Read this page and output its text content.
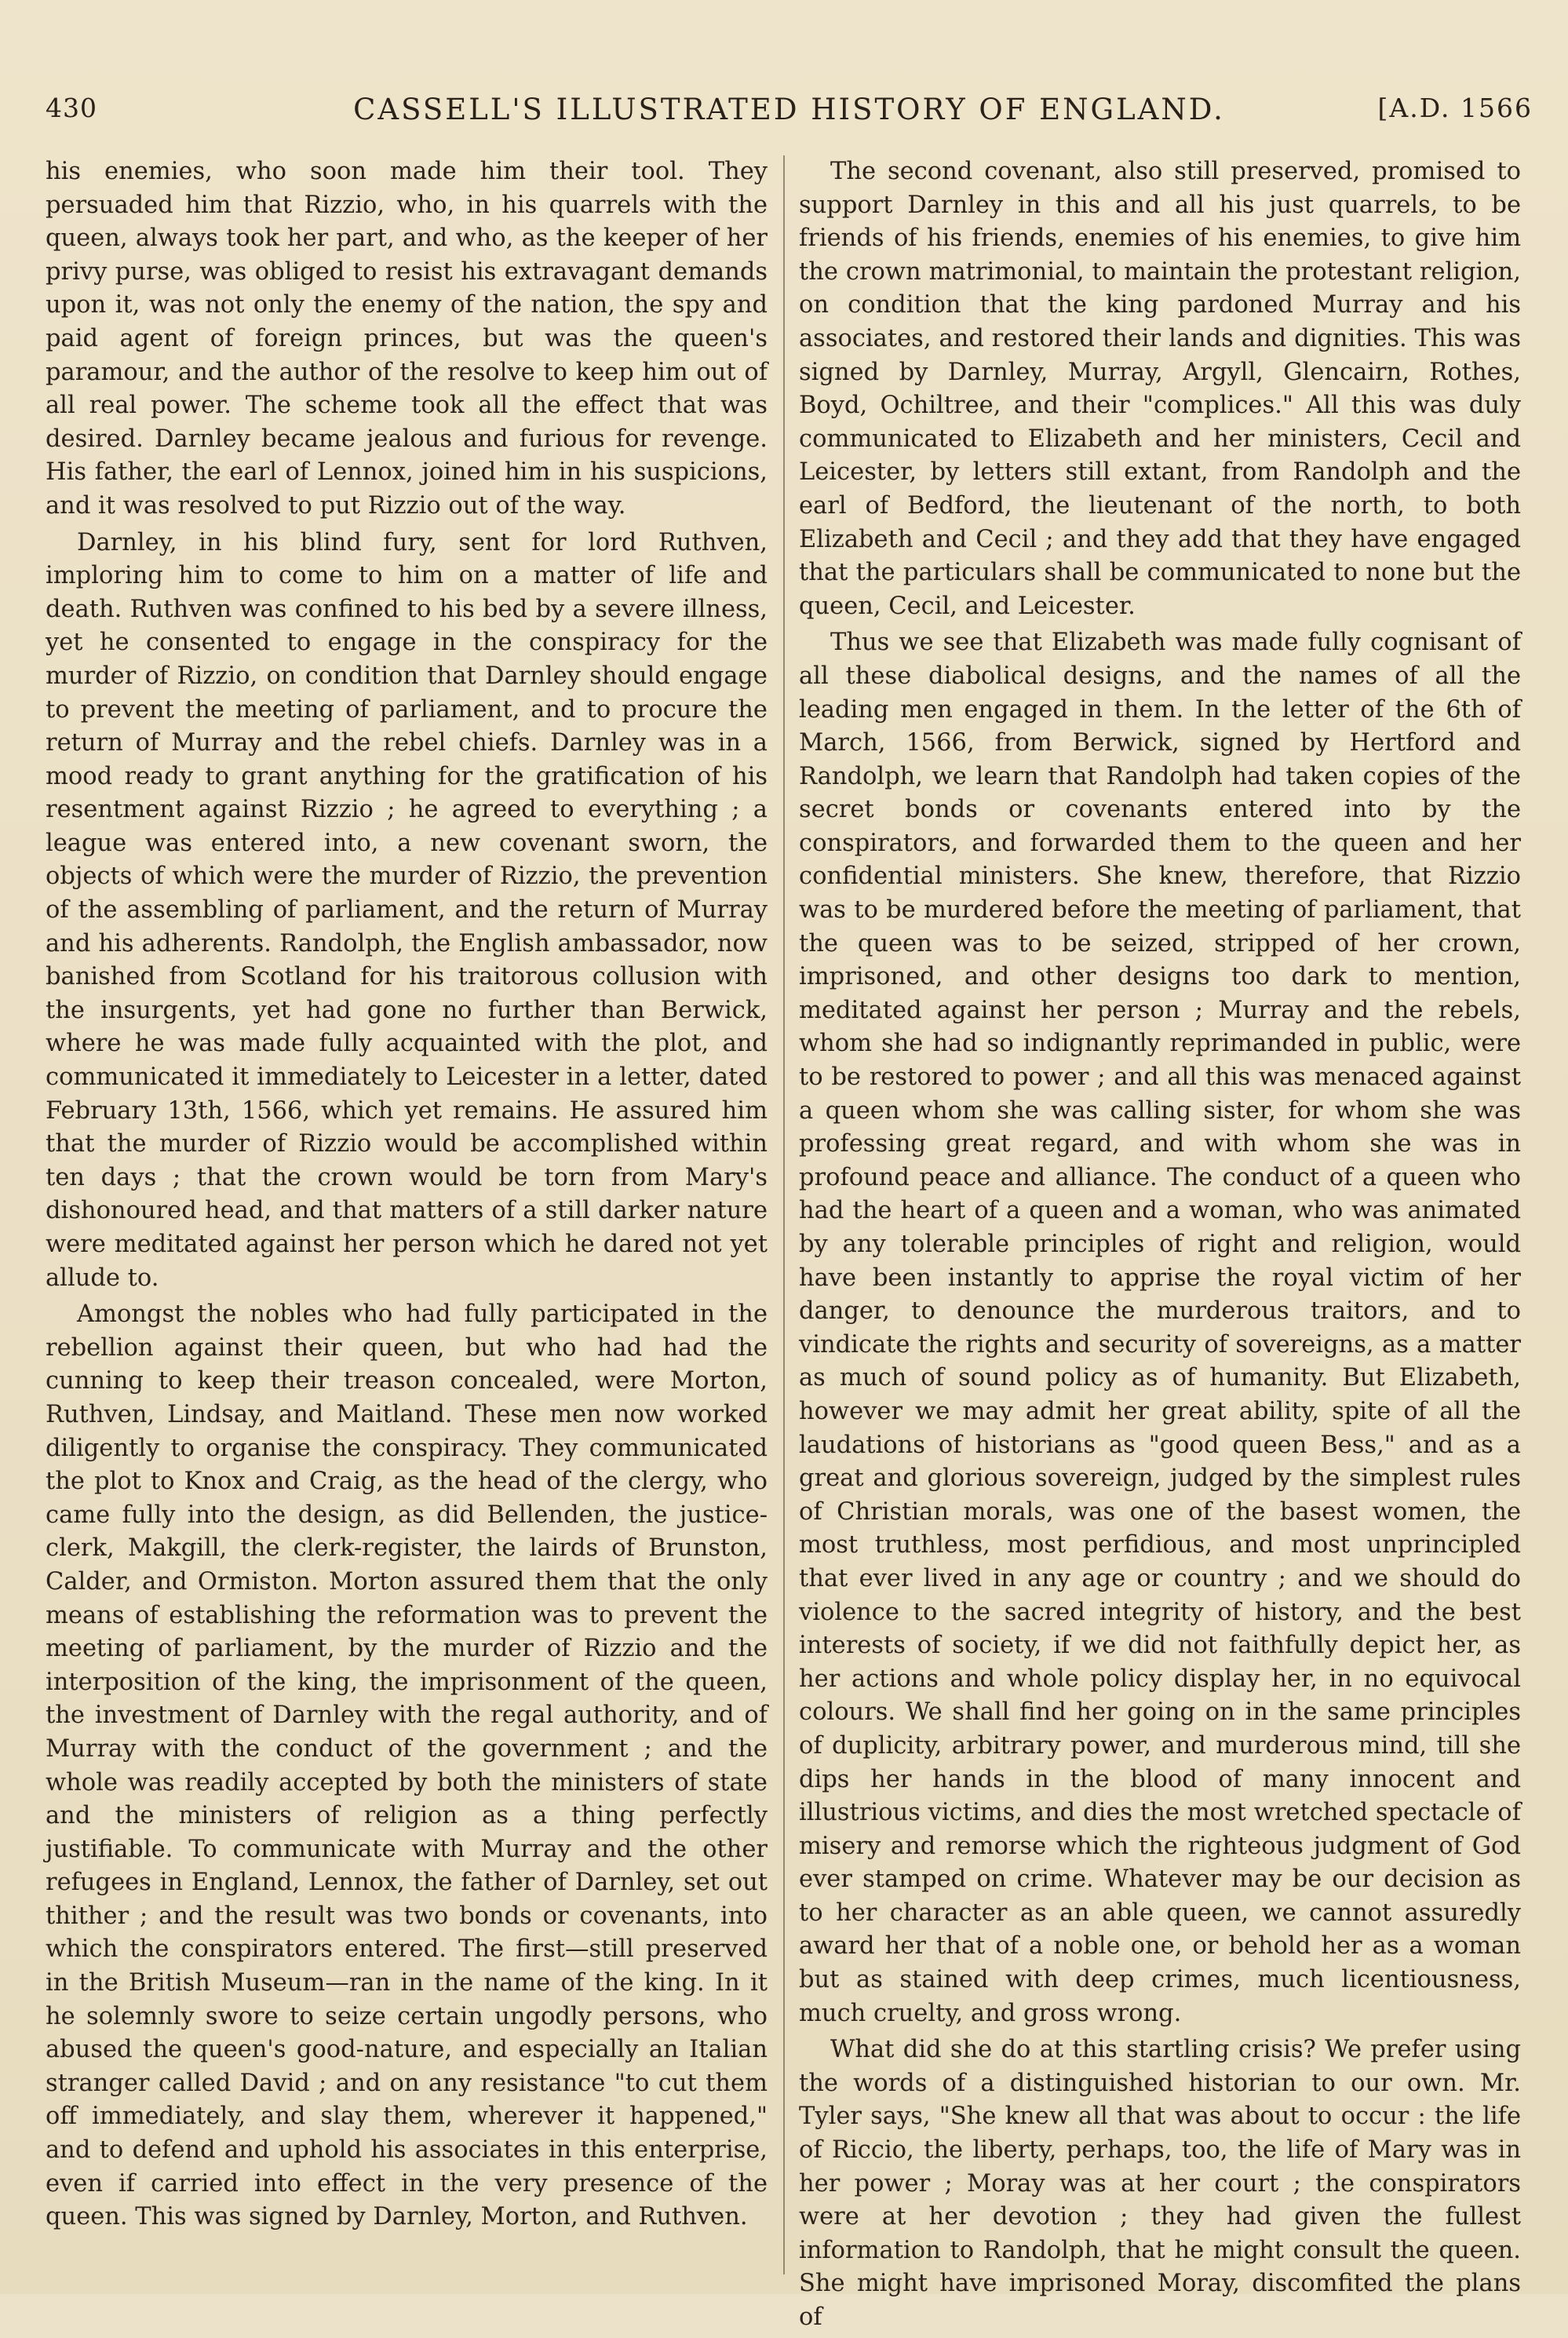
430	CASSELL'S ILLUSTRATED HISTORY OF ENGLAND.	[A.D. 1566

his enemies, who soon made him their tool. They persuaded him that Rizzio, who, in his quarrels with the queen, always took her part, and who, as the keeper of her privy purse, was obliged to resist his extravagant demands upon it, was not only the enemy of the nation, the spy and paid agent of foreign princes, but was the queen's paramour, and the author of the resolve to keep him out of all real power. The scheme took all the effect that was desired. Darnley became jealous and furious for revenge. His father, the earl of Lennox, joined him in his suspicions, and it was resolved to put Rizzio out of the way.

Darnley, in his blind fury, sent for lord Ruthven, imploring him to come to him on a matter of life and death. Ruthven was confined to his bed by a severe illness, yet he consented to engage in the conspiracy for the murder of Rizzio, on condition that Darnley should engage to prevent the meeting of parliament, and to procure the return of Murray and the rebel chiefs. Darnley was in a mood ready to grant anything for the gratification of his resentment against Rizzio ; he agreed to everything ; a league was entered into, a new covenant sworn, the objects of which were the murder of Rizzio, the prevention of the assembling of parliament, and the return of Murray and his adherents. Randolph, the English ambassador, now banished from Scotland for his traitorous collusion with the insurgents, yet had gone no further than Berwick, where he was made fully acquainted with the plot, and communicated it immediately to Leicester in a letter, dated February 13th, 1566, which yet remains. He assured him that the murder of Rizzio would be accomplished within ten days ; that the crown would be torn from Mary's dishonoured head, and that matters of a still darker nature were meditated against her person which he dared not yet allude to.

Amongst the nobles who had fully participated in the rebellion against their queen, but who had had the cunning to keep their treason concealed, were Morton, Ruthven, Lindsay, and Maitland. These men now worked diligently to organise the conspiracy. They communicated the plot to Knox and Craig, as the head of the clergy, who came fully into the design, as did Bellenden, the justice-clerk, Makgill, the clerk-register, the lairds of Brunston, Calder, and Ormiston. Morton assured them that the only means of establishing the reformation was to prevent the meeting of parliament, by the murder of Rizzio and the interposition of the king, the imprisonment of the queen, the investment of Darnley with the regal authority, and of Murray with the conduct of the government ; and the whole was readily accepted by both the ministers of state and the ministers of religion as a thing perfectly justifiable. To communicate with Murray and the other refugees in England, Lennox, the father of Darnley, set out thither ; and the result was two bonds or covenants, into which the conspirators entered. The first—still preserved in the British Museum—ran in the name of the king. In it he solemnly swore to seize certain ungodly persons, who abused the queen's good-nature, and especially an Italian stranger called David ; and on any resistance "to cut them off immediately, and slay them, wherever it happened," and to defend and uphold his associates in this enterprise, even if carried into effect in the very presence of the queen. This was signed by Darnley, Morton, and Ruthven.

The second covenant, also still preserved, promised to support Darnley in this and all his just quarrels, to be friends of his friends, enemies of his enemies, to give him the crown matrimonial, to maintain the protestant religion, on condition that the king pardoned Murray and his associates, and restored their lands and dignities. This was signed by Darnley, Murray, Argyll, Glencairn, Rothes, Boyd, Ochiltree, and their "complices." All this was duly communicated to Elizabeth and her ministers, Cecil and Leicester, by letters still extant, from Randolph and the earl of Bedford, the lieutenant of the north, to both Elizabeth and Cecil ; and they add that they have engaged that the particulars shall be communicated to none but the queen, Cecil, and Leicester.

Thus we see that Elizabeth was made fully cognisant of all these diabolical designs, and the names of all the leading men engaged in them. In the letter of the 6th of March, 1566, from Berwick, signed by Hertford and Randolph, we learn that Randolph had taken copies of the secret bonds or covenants entered into by the conspirators, and forwarded them to the queen and her confidential ministers. She knew, therefore, that Rizzio was to be murdered before the meeting of parliament, that the queen was to be seized, stripped of her crown, imprisoned, and other designs too dark to mention, meditated against her person ; Murray and the rebels, whom she had so indignantly reprimanded in public, were to be restored to power ; and all this was menaced against a queen whom she was calling sister, for whom she was professing great regard, and with whom she was in profound peace and alliance. The conduct of a queen who had the heart of a queen and a woman, who was animated by any tolerable principles of right and religion, would have been instantly to apprise the royal victim of her danger, to denounce the murderous traitors, and to vindicate the rights and security of sovereigns, as a matter as much of sound policy as of humanity. But Elizabeth, however we may admit her great ability, spite of all the laudations of historians as "good queen Bess," and as a great and glorious sovereign, judged by the simplest rules of Christian morals, was one of the basest women, the most truthless, most perfidious, and most unprincipled that ever lived in any age or country ; and we should do violence to the sacred integrity of history, and the best interests of society, if we did not faithfully depict her, as her actions and whole policy display her, in no equivocal colours. We shall find her going on in the same principles of duplicity, arbitrary power, and murderous mind, till she dips her hands in the blood of many innocent and illustrious victims, and dies the most wretched spectacle of misery and remorse which the righteous judgment of God ever stamped on crime. Whatever may be our decision as to her character as an able queen, we cannot assuredly award her that of a noble one, or behold her as a woman but as stained with deep crimes, much licentiousness, much cruelty, and gross wrong.

What did she do at this startling crisis? We prefer using the words of a distinguished historian to our own. Mr. Tyler says, "She knew all that was about to occur : the life of Riccio, the liberty, perhaps, too, the life of Mary was in her power ; Moray was at her court ; the conspirators were at her devotion ; they had given the fullest information to Randolph, that he might consult the queen. She might have imprisoned Moray, discomfited the plans of
